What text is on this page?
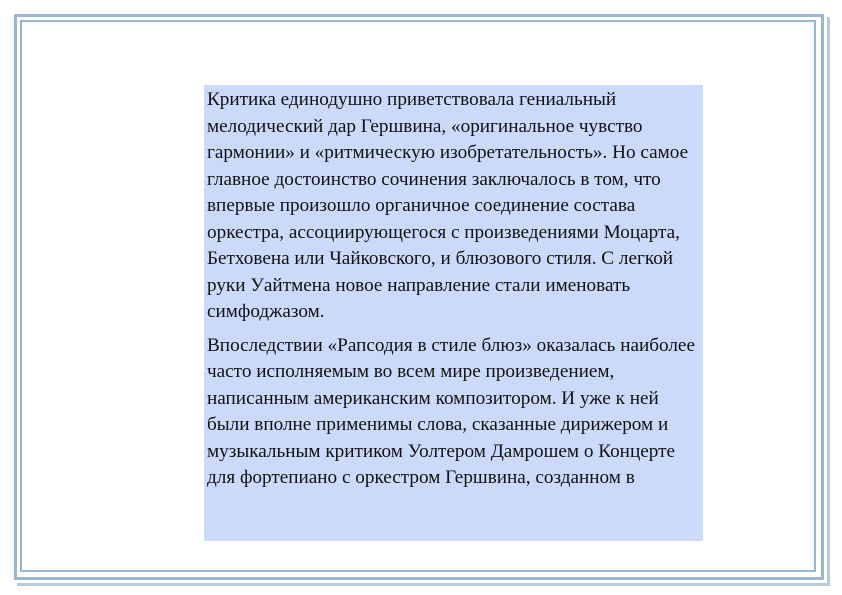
Критика единодушно приветствовала гениальный мелодический дар Гершвина, «оригинальное чувство гармонии» и «ритмическую изобретательность». Но самое главное достоинство сочинения заключалось в том, что впервые произошло органичное соединение состава оркестра, ассоциирующегося с произведениями Моцарта, Бетховена или Чайковского, и блюзового стиля. С легкой руки Уайтмена новое направление стали именовать симфоджазом.

Впоследствии «Рапсодия в стиле блюз» оказалась наиболее часто исполняемым во всем мире произведением, написанным американским композитором. И уже к ней были вполне применимы слова, сказанные дирижером и музыкальным критиком Уолтером Дамрошем о Концерте для фортепиано с оркестром Гершвина, созданном в
